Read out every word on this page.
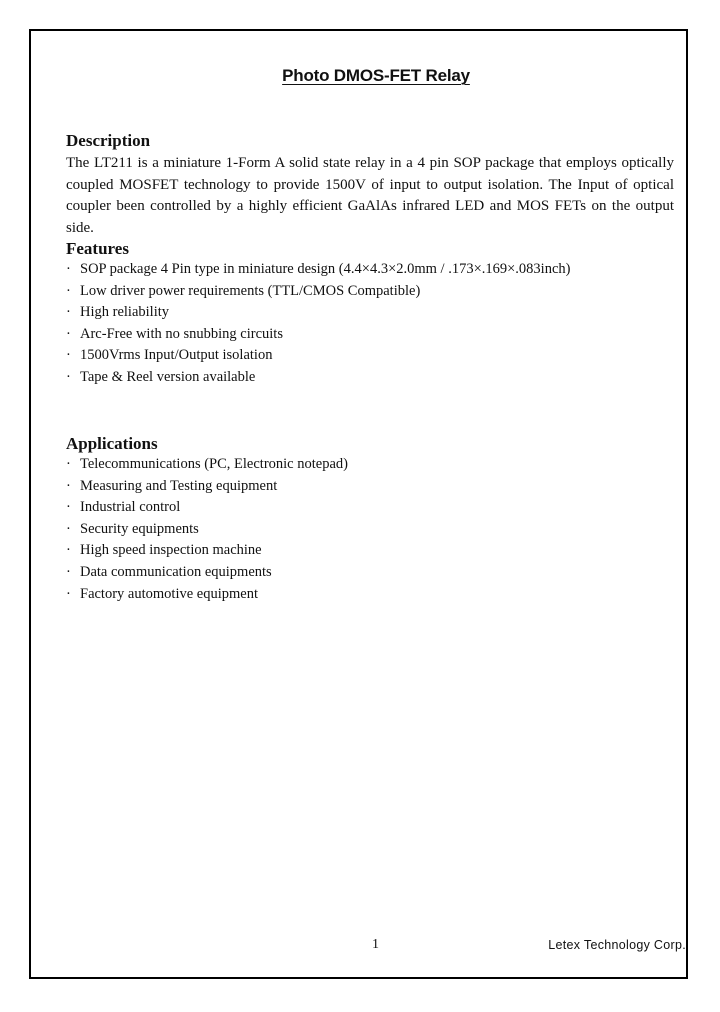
Photo DMOS-FET Relay
Description

The LT211 is a miniature 1-Form A solid state relay in a 4 pin SOP package that employs optically coupled MOSFET technology to provide 1500V of input to output isolation. The Input of optical coupler been controlled by a highly efficient GaAlAs infrared LED and MOS FETs on the output side.

Features
· SOP package 4 Pin type in miniature design (4.4×4.3×2.0mm / .173×.169×.083inch)
· Low driver power requirements (TTL/CMOS Compatible)
· High reliability
· Arc-Free with no snubbing circuits
· 1500Vrms Input/Output isolation
· Tape & Reel version available
Applications
· Telecommunications (PC, Electronic notepad)
· Measuring and Testing equipment
· Industrial control
· Security equipments
· High speed inspection machine
· Data communication equipments
· Factory automotive equipment
1	Letex Technology Corp.
